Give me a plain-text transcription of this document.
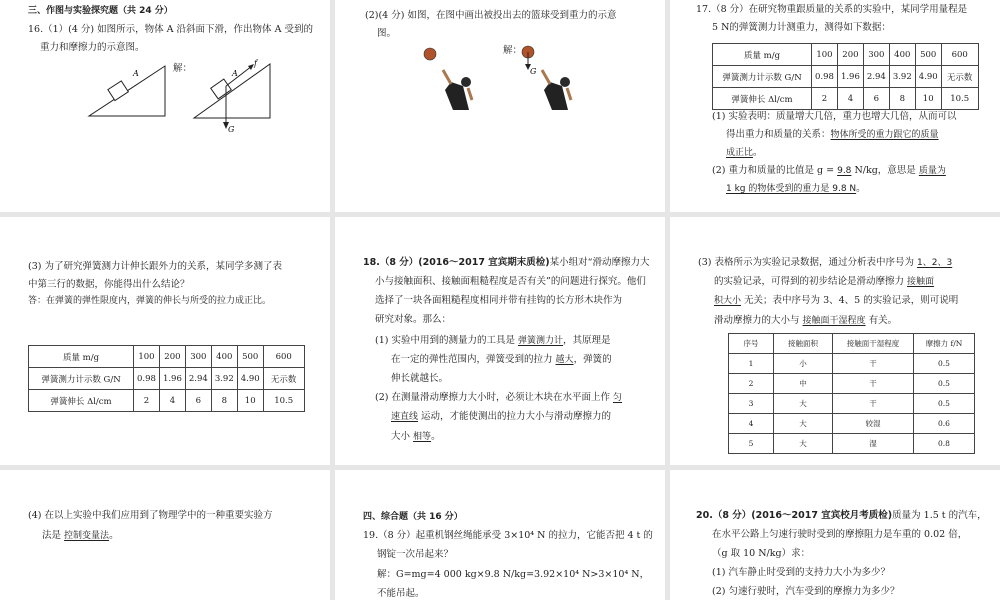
三、作图与实验探究题（共 24 分）

16.（1）(4 分) 如图所示，物体 A 沿斜面下滑，作出物体 A 受到的

重力和摩擦力的示意图。

解：

A	A
f
G

(2)(4 分) 如图，在图中画出被投出去的篮球受到重力的示意

图。

解：

G

17.（8 分）在研究物重跟质量的关系的实验中，某同学用量程是

5 N的弹簧测力计测重力，测得如下数据：

质量 m/g	100	200	300	400	500	600
弹簧测力计示数 G/N	0.98	1.96	2.94	3.92	4.90	无示数
弹簧伸长 Δl/cm	2	4	6	8	10	10.5

(1) 实验表明：质量增大几倍，重力也增大几倍，从而可以

得出重力和质量的关系：物体所受的重力跟它的质量

成正比。

(2) 重力和质量的比值是 g = 9.8 N/kg，意思是 质量为

1 kg 的物体受到的重力是 9.8 N。

(3) 为了研究弹簧测力计伸长跟外力的关系，某同学多测了表

中第三行的数据，你能得出什么结论？

答：在弹簧的弹性限度内，弹簧的伸长与所受的拉力成正比。

质量 m/g	100	200	300	400	500	600
弹簧测力计示数 G/N	0.98	1.96	2.94	3.92	4.90	无示数
弹簧伸长 Δl/cm	2	4	6	8	10	10.5

18.（8 分）(2016～2017 宜宾期末质检)某小组对“滑动摩擦力大

小与接触面积、接触面粗糙程度是否有关”的问题进行探究。他们

选择了一块各面粗糙程度相同并带有挂钩的长方形木块作为

研究对象。那么：

(1) 实验中用到的测量力的工具是 弹簧测力计，其原理是

在一定的弹性范围内，弹簧受到的拉力 越大，弹簧的

伸长就越长。

(2) 在测量滑动摩擦力大小时，必须让木块在水平面上作 匀

速直线 运动，才能使测出的拉力大小与滑动摩擦力的

大小 相等。

(3) 表格所示为实验记录数据，通过分析表中序号为 1、2、3

的实验记录，可得到的初步结论是滑动摩擦力 接触面

积大小 无关；表中序号为 3、4、5 的实验记录，则可说明

滑动摩擦力的大小与 接触面干湿程度 有关。

序号	接触面积	接触面干湿程度	摩擦力 f/N
1	小	干	0.5
2	中	干	0.5
3	大	干	0.5
4	大	较湿	0.6
5	大	湿	0.8

(4) 在以上实验中我们应用到了物理学中的一种重要实验方

法是 控制变量法。

四、综合题（共 16 分）

19.（8 分）起重机钢丝绳能承受 3×10⁴ N 的拉力，它能否把 4 t 的

钢锭一次吊起来？

解：G=mg=4 000 kg×9.8 N/kg=3.92×10⁴ N>3×10⁴ N，

不能吊起。

20.（8 分）(2016～2017 宜宾校月考质检)质量为 1.5 t 的汽车，

在水平公路上匀速行驶时受到的摩擦阻力是车重的 0.02 倍，

（g 取 10 N/kg）求：

(1) 汽车静止时受到的支持力大小为多少？

(2) 匀速行驶时，汽车受到的摩擦力为多少？
